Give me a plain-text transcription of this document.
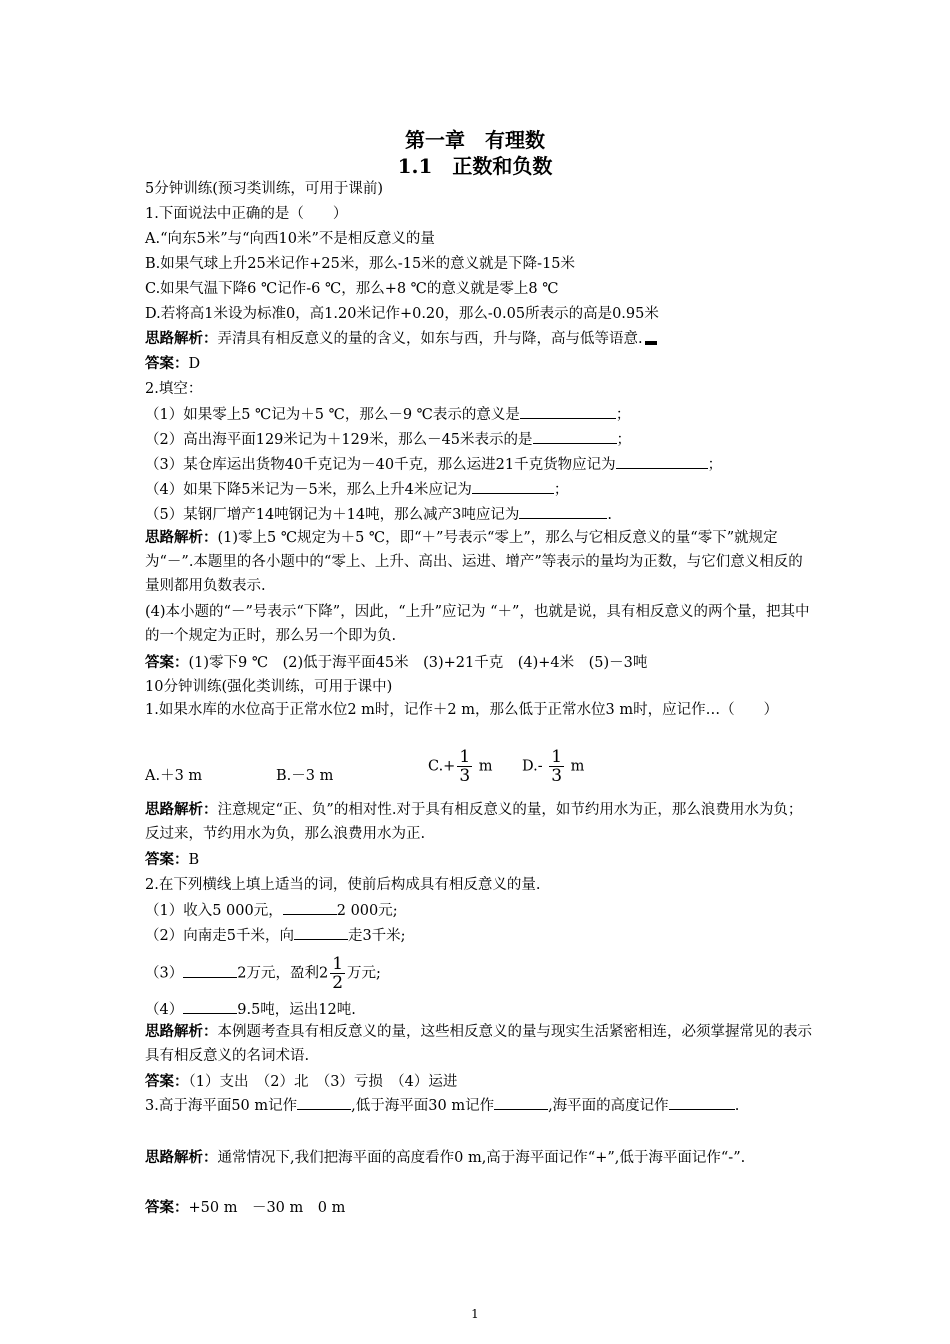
第一章　有理数
1.1　正数和负数
5分钟训练(预习类训练，可用于课前)
1.下面说法中正确的是（　　）
A.“向东5米”与“向西10米”不是相反意义的量
B.如果气球上升25米记作+25米，那么-15米的意义就是下降-15米
C.如果气温下降6 ℃记作-6 ℃，那么+8 ℃的意义就是零上8 ℃
D.若将高1米设为标准0，高1.20米记作+0.20，那么-0.05所表示的高是0.95米
思路解析：弄清具有相反意义的量的含义，如东与西，升与降，高与低等语意.
答案：D
2.填空：
（1）如果零上5 ℃记为＋5 ℃，那么－9 ℃表示的意义是	；
（2）高出海平面129米记为＋129米，那么－45米表示的是	；
（3）某仓库运出货物40千克记为－40千克，那么运进21千克货物应记为	；
（4）如果下降5米记为－5米，那么上升4米应记为	；
（5）某钢厂增产14吨钢记为＋14吨，那么减产3吨应记为	.
思路解析：(1)零上5 ℃规定为＋5 ℃，即“＋”号表示“零上”，那么与它相反意义的量“零下”就规定为“－”.本题里的各小题中的“零上、上升、高出、运进、增产”等表示的量均为正数，与它们意义相反的量则都用负数表示.
(4)本小题的“－”号表示“下降”，因此，“上升”应记为 “＋”，也就是说，具有相反意义的两个量，把其中的一个规定为正时，那么另一个即为负.
答案：(1)零下9 ℃　(2)低于海平面45米　(3)+21千克　(4)+4米　(5)－3吨
10分钟训练(强化类训练，可用于课中)
1.如果水库的水位高于正常水位2 m时，记作＋2 m，那么低于正常水位3 m时，应记作…（　　）
A.＋3 m	B.－3 m
$C.+ \frac{1}{3}$ m $D.- \frac{1}{3}$ m
思路解析：注意规定“正、负”的相对性.对于具有相反意义的量，如节约用水为正，那么浪费用水为负；反过来，节约用水为负，那么浪费用水为正.
答案：B
2.在下列横线上填上适当的词，使前后构成具有相反意义的量.
（1）收入5 000元，	2 000元;
（2）向南走5千米，向	走3千米;
（3）	2万元，盈利$2 \frac{1}{2}$ 万元;
（4）	9.5吨，运出12吨.
思路解析：本例题考查具有相反意义的量，这些相反意义的量与现实生活紧密相连，必须掌握常见的表示具有相反意义的名词术语.
答案：（1）支出　（2）北　（3）亏损　（4）运进
3.高于海平面50 m记作	,低于海平面30 m记作	,海平面的高度记作	.
思路解析：通常情况下,我们把海平面的高度看作0 m,高于海平面记作“+”,低于海平面记作“-”.
答案：+50 m　－30 m　0 m
1
